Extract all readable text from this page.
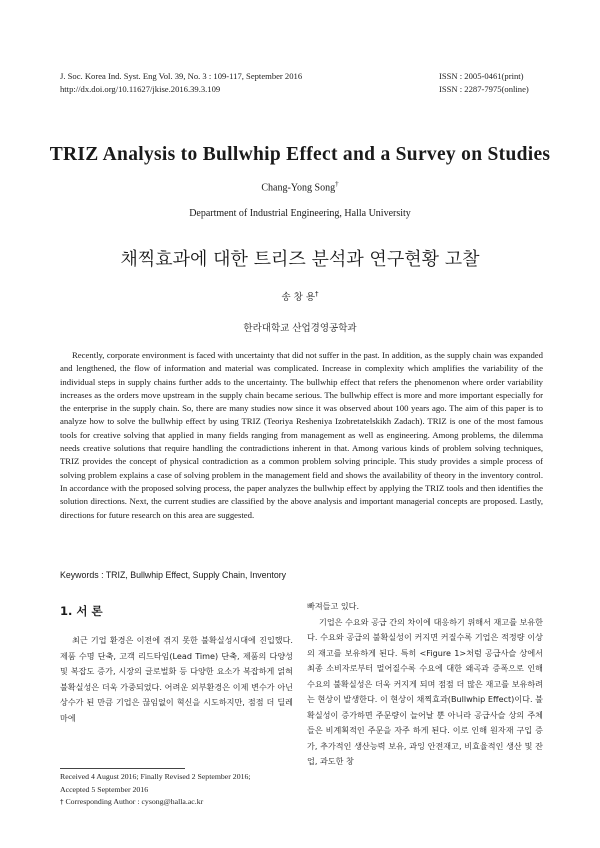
J. Soc. Korea Ind. Syst. Eng Vol. 39, No. 3 : 109-117, September 2016
http://dx.doi.org/10.11627/jkise.2016.39.3.109
ISSN : 2005-0461(print)
ISSN : 2287-7975(online)
TRIZ Analysis to Bullwhip Effect and a Survey on Studies
Chang-Yong Song†
Department of Industrial Engineering, Halla University
채찍효과에 대한 트리즈 분석과 연구현황 고찰
송 창 용†
한라대학교 산업경영공학과

Recently, corporate environment is faced with uncertainty that did not suffer in the past. In addition, as the supply chain was expanded and lengthened, the flow of information and material was complicated. Increase in complexity which amplifies the variability of the individual steps in supply chains further adds to the uncertainty. The bullwhip effect that refers the phenomenon where order variability increases as the orders move upstream in the supply chain became serious. The bullwhip effect is more and more important especially for the enterprise in the supply chain. So, there are many studies now since it was observed about 100 years ago. The aim of this paper is to analyze how to solve the bullwhip effect by using TRIZ (Teoriya Resheniya Izobretatelskikh Zadach). TRIZ is one of the most famous tools for creative solving that applied in many fields ranging from management as well as engineering. Among problems, the dilemma needs creative solutions that require handling the contradictions inherent in that. Among various kinds of problem solving techniques, TRIZ provides the concept of physical contradiction as a common problem solving principle. This study provides a simple process of solving problem explains a case of solving problem in the management field and shows the availability of theory in the inventory control. In accordance with the proposed solving process, the paper analyzes the bullwhip effect by applying the TRIZ tools and then identifies the solution directions. Next, the current studies are classified by the above analysis and important managerial concepts are proposed. Lastly, directions for future research on this area are suggested.

Keywords : TRIZ, Bullwhip Effect, Supply Chain, Inventory
1. 서 론

최근 기업 환경은 이전에 겪지 못한 불확실성시대에 진입했다. 제품 수명 단축, 고객 리드타임(Lead Time) 단축, 제품의 다양성 및 복잡도 증가, 시장의 글로벌화 등 다양한 요소가 복잡하게 얽혀 불확실성은 더욱 가중되었다. 어려운 외부환경은 이제 변수가 아닌 상수가 된 만큼 기업은 끊임없이 혁신을 시도하지만, 점점 더 딜레마에

빠져들고 있다.

기업은 수요와 공급 간의 차이에 대응하기 위해서 재고를 보유한다. 수요와 공급의 불확실성이 커지면 커질수록 기업은 적정량 이상의 재고를 보유하게 된다. 특히 <Figure 1>처럼 공급사슬 상에서 최종 소비자로부터 멀어질수록 수요에 대한 왜곡과 증폭으로 인해 수요의 불확실성은 더욱 커지게 되며 점점 더 많은 재고를 보유하려는 현상이 발생한다. 이 현상이 채찍효과(Bullwhip Effect)이다. 불확실성이 증가하면 주문량이 늘어날 뿐 아니라 공급사슬 상의 주체들은 비계획적인 주문을 자주 하게 된다. 이로 인해 원자재 구입 증가, 추가적인 생산능력 보유, 과잉 안전재고, 비효율적인 생산 및 잔업, 과도한 창

Received 4 August 2016; Finally Revised 2 September 2016;
Accepted 5 September 2016
† Corresponding Author : cysong@halla.ac.kr
